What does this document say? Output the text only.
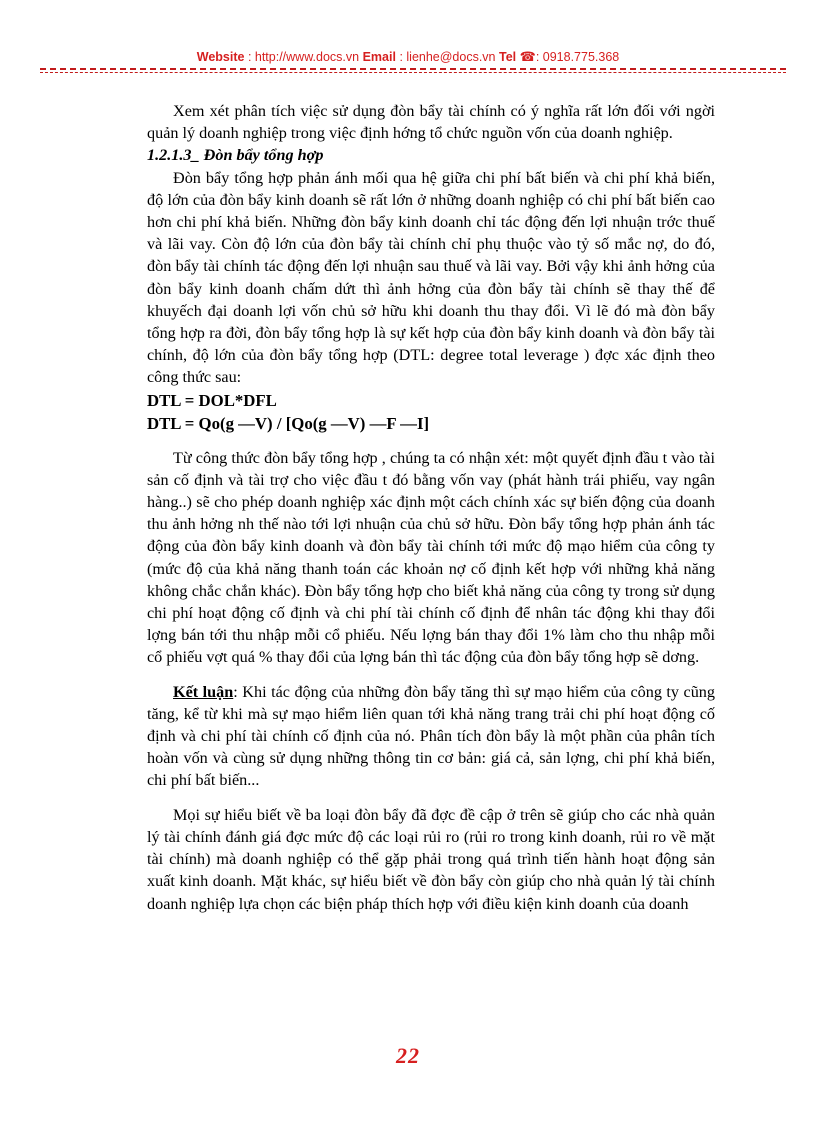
Website : http://www.docs.vn Email : lienhe@docs.vn Tel ☎: 0918.775.368

Xem xét phân tích việc sử dụng đòn bẩy tài chính có ý nghĩa rất lớn đối với ngời quản lý doanh nghiệp trong việc định hớng tổ chức nguồn vốn của doanh nghiệp.

1.2.1.3_ Đòn bẩy tổng hợp

Đòn bẩy tổng hợp phản ánh mối qua hệ giữa chi phí bất biến và chi phí khả biến, độ lớn của đòn bẩy kinh doanh sẽ rất lớn ở những doanh nghiệp có chi phí bất biến cao hơn chi phí khả biến. Những đòn bẩy kinh doanh chỉ tác động đến lợi nhuận trớc thuế và lãi vay. Còn độ lớn của đòn bẩy tài chính chỉ phụ thuộc vào tỷ số mắc nợ, do đó, đòn bẩy tài chính tác động đến lợi nhuận sau thuế và lãi vay. Bởi vậy khi ảnh hởng của đòn bẩy kinh doanh chấm dứt thì ảnh hởng của đòn bẩy tài chính sẽ thay thế để khuyếch đại doanh lợi vốn chủ sở hữu khi doanh thu thay đổi. Vì lẽ đó mà đòn bẩy tổng hợp ra đời, đòn bẩy tổng hợp là sự kết hợp của đòn bẩy kinh doanh và đòn bẩy tài chính, độ lớn của đòn bẩy tổng hợp (DTL: degree total leverage ) đợc xác định theo công thức sau:

DTL = DOL*DFL

DTL = Qo(g —V) / [Qo(g —V) —F —I]

Từ công thức đòn bẩy tổng hợp , chúng ta có nhận xét: một quyết định đầu t vào tài sản cố định và tài trợ cho việc đầu t đó bằng vốn vay (phát hành trái phiếu, vay ngân hàng..) sẽ cho phép doanh nghiệp xác định một cách chính xác sự biến động của doanh thu ảnh hởng nh thế nào tới lợi nhuận của chủ sở hữu. Đòn bẩy tổng hợp phản ánh tác động của đòn bẩy kinh doanh và đòn bẩy tài chính tới mức độ mạo hiểm của công ty (mức độ của khả năng thanh toán các khoản nợ cố định kết hợp với những khả năng không chắc chắn khác). Đòn bẩy tổng hợp cho biết khả năng của công ty trong sử dụng chi phí hoạt động cố định và chi phí tài chính cố định để nhân tác động khi thay đổi lợng bán tới thu nhập mỗi cổ phiếu. Nếu lợng bán thay đổi 1% làm cho thu nhập mỗi cổ phiếu vợt quá % thay đổi của lợng bán thì tác động của đòn bẩy tổng hợp sẽ dơng.

Kết luận: Khi tác động của những đòn bẩy tăng thì sự mạo hiểm của công ty cũng tăng, kể từ khi mà sự mạo hiểm liên quan tới khả năng trang trải chi phí hoạt động cố định và chi phí tài chính cố định của nó. Phân tích đòn bẩy là một phần của phân tích hoàn vốn và cùng sử dụng những thông tin cơ bản: giá cả, sản lợng, chi phí khả biến, chi phí bất biến...

Mọi sự hiểu biết về ba loại đòn bẩy đã đợc đề cập ở trên sẽ giúp cho các nhà quản lý tài chính đánh giá đợc mức độ các loại rủi ro (rủi ro trong kinh doanh, rủi ro về mặt tài chính) mà doanh nghiệp có thể gặp phải trong quá trình tiến hành hoạt động sản xuất kinh doanh. Mặt khác, sự hiểu biết về đòn bẩy còn giúp cho nhà quản lý tài chính doanh nghiệp lựa chọn các biện pháp thích hợp với điều kiện kinh doanh của doanh

22
